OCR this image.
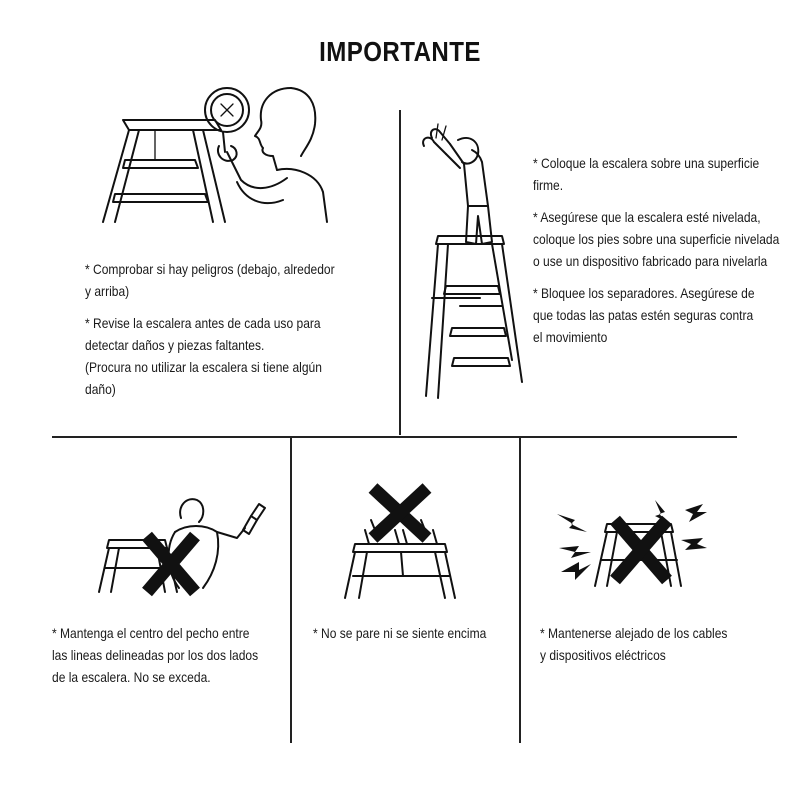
IMPORTANTE

* Comprobar si hay peligros (debajo, alrededor

y arriba)

* Revise la escalera antes de cada uso para

detectar daños y piezas faltantes.

(Procura no utilizar la escalera si tiene algún

daño)

* Coloque la escalera sobre una superficie

firme.

* Asegúrese que la escalera esté nivelada,

coloque los pies sobre una superficie nivelada

o use un dispositivo fabricado para nivelarla

* Bloquee los separadores. Asegúrese de

que todas las patas estén seguras contra

el movimiento

* Mantenga el centro del pecho entre

las lineas delineadas por los dos lados

de la escalera. No se exceda.

* No se pare ni se siente encima	* Mantenerse alejado de los cables

y dispositivos eléctricos
